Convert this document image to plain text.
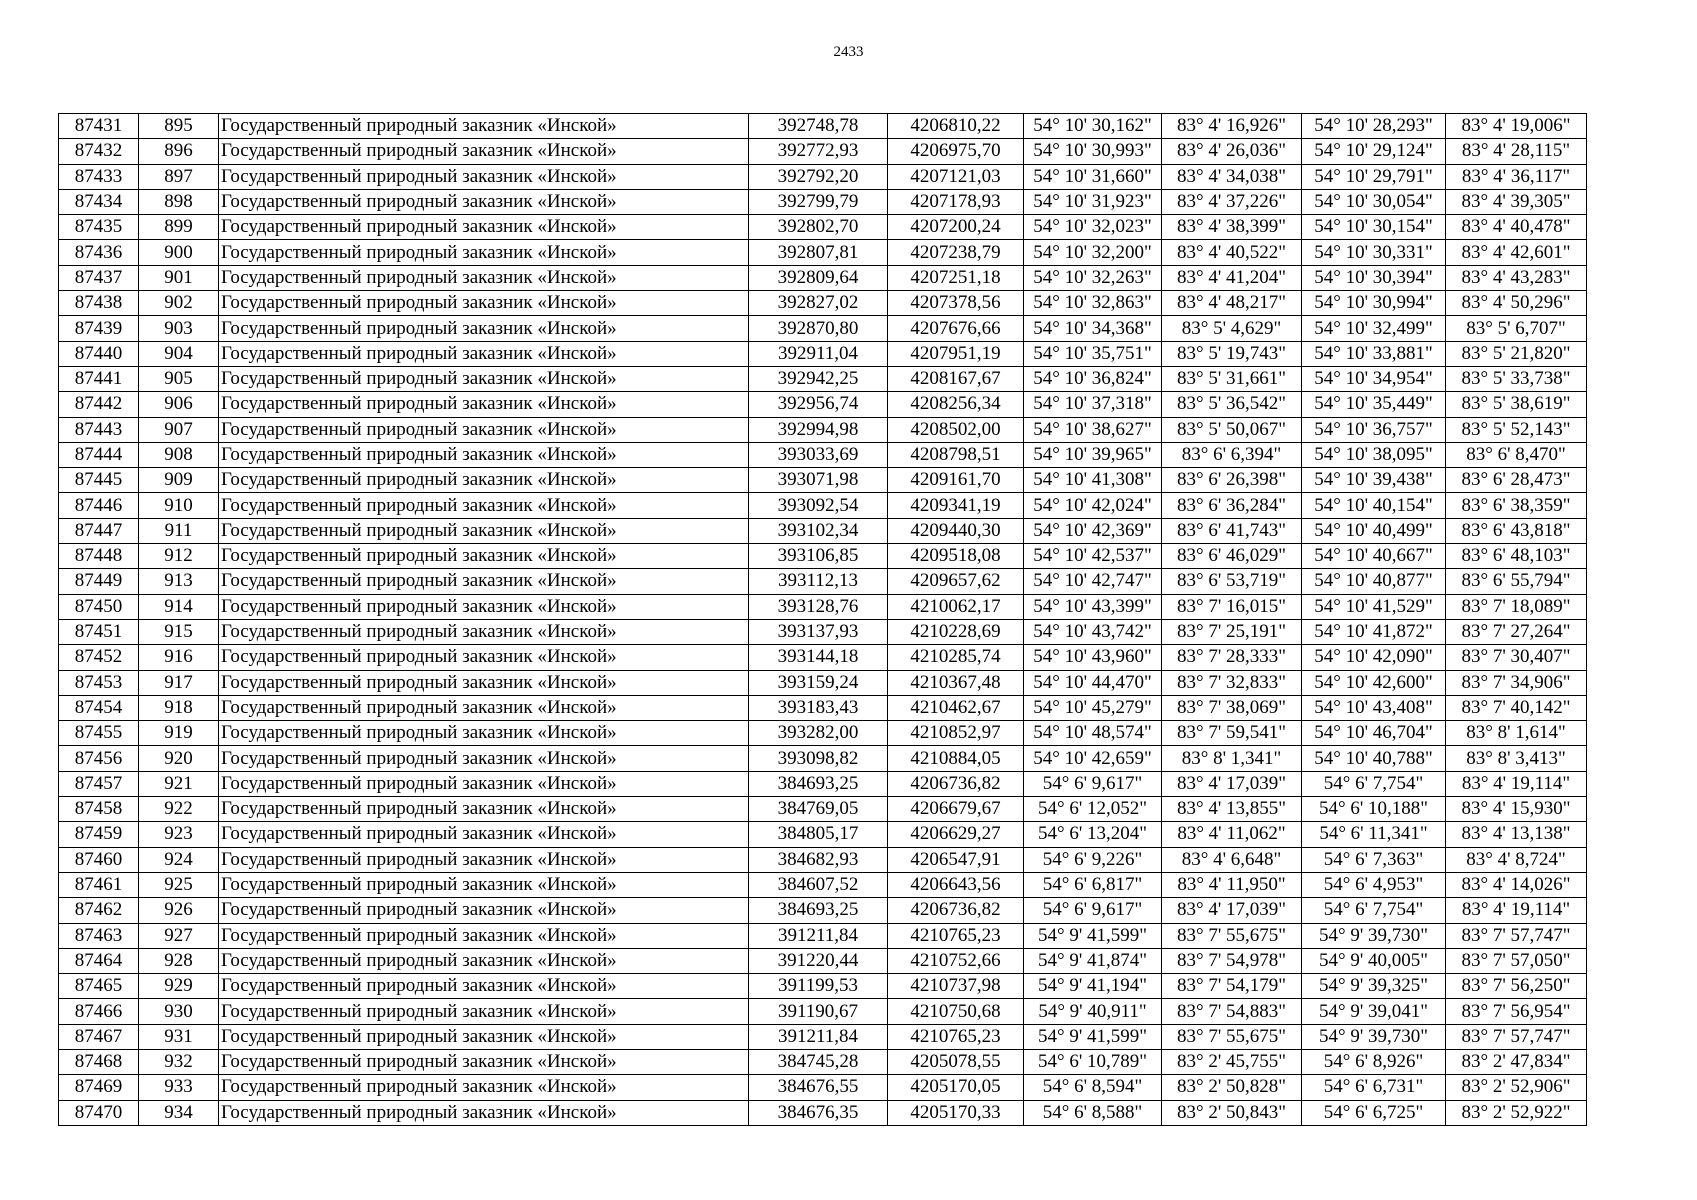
2433
87431	895	Государственный природный заказник «Инской»	392748,78	4206810,22	54° 10' 30,162"	83° 4' 16,926"	54° 10' 28,293"	83° 4' 19,006"
87432	896	Государственный природный заказник «Инской»	392772,93	4206975,70	54° 10' 30,993"	83° 4' 26,036"	54° 10' 29,124"	83° 4' 28,115"
87433	897	Государственный природный заказник «Инской»	392792,20	4207121,03	54° 10' 31,660"	83° 4' 34,038"	54° 10' 29,791"	83° 4' 36,117"
87434	898	Государственный природный заказник «Инской»	392799,79	4207178,93	54° 10' 31,923"	83° 4' 37,226"	54° 10' 30,054"	83° 4' 39,305"
87435	899	Государственный природный заказник «Инской»	392802,70	4207200,24	54° 10' 32,023"	83° 4' 38,399"	54° 10' 30,154"	83° 4' 40,478"
87436	900	Государственный природный заказник «Инской»	392807,81	4207238,79	54° 10' 32,200"	83° 4' 40,522"	54° 10' 30,331"	83° 4' 42,601"
87437	901	Государственный природный заказник «Инской»	392809,64	4207251,18	54° 10' 32,263"	83° 4' 41,204"	54° 10' 30,394"	83° 4' 43,283"
87438	902	Государственный природный заказник «Инской»	392827,02	4207378,56	54° 10' 32,863"	83° 4' 48,217"	54° 10' 30,994"	83° 4' 50,296"
87439	903	Государственный природный заказник «Инской»	392870,80	4207676,66	54° 10' 34,368"	83° 5' 4,629"	54° 10' 32,499"	83° 5' 6,707"
87440	904	Государственный природный заказник «Инской»	392911,04	4207951,19	54° 10' 35,751"	83° 5' 19,743"	54° 10' 33,881"	83° 5' 21,820"
87441	905	Государственный природный заказник «Инской»	392942,25	4208167,67	54° 10' 36,824"	83° 5' 31,661"	54° 10' 34,954"	83° 5' 33,738"
87442	906	Государственный природный заказник «Инской»	392956,74	4208256,34	54° 10' 37,318"	83° 5' 36,542"	54° 10' 35,449"	83° 5' 38,619"
87443	907	Государственный природный заказник «Инской»	392994,98	4208502,00	54° 10' 38,627"	83° 5' 50,067"	54° 10' 36,757"	83° 5' 52,143"
87444	908	Государственный природный заказник «Инской»	393033,69	4208798,51	54° 10' 39,965"	83° 6' 6,394"	54° 10' 38,095"	83° 6' 8,470"
87445	909	Государственный природный заказник «Инской»	393071,98	4209161,70	54° 10' 41,308"	83° 6' 26,398"	54° 10' 39,438"	83° 6' 28,473"
87446	910	Государственный природный заказник «Инской»	393092,54	4209341,19	54° 10' 42,024"	83° 6' 36,284"	54° 10' 40,154"	83° 6' 38,359"
87447	911	Государственный природный заказник «Инской»	393102,34	4209440,30	54° 10' 42,369"	83° 6' 41,743"	54° 10' 40,499"	83° 6' 43,818"
87448	912	Государственный природный заказник «Инской»	393106,85	4209518,08	54° 10' 42,537"	83° 6' 46,029"	54° 10' 40,667"	83° 6' 48,103"
87449	913	Государственный природный заказник «Инской»	393112,13	4209657,62	54° 10' 42,747"	83° 6' 53,719"	54° 10' 40,877"	83° 6' 55,794"
87450	914	Государственный природный заказник «Инской»	393128,76	4210062,17	54° 10' 43,399"	83° 7' 16,015"	54° 10' 41,529"	83° 7' 18,089"
87451	915	Государственный природный заказник «Инской»	393137,93	4210228,69	54° 10' 43,742"	83° 7' 25,191"	54° 10' 41,872"	83° 7' 27,264"
87452	916	Государственный природный заказник «Инской»	393144,18	4210285,74	54° 10' 43,960"	83° 7' 28,333"	54° 10' 42,090"	83° 7' 30,407"
87453	917	Государственный природный заказник «Инской»	393159,24	4210367,48	54° 10' 44,470"	83° 7' 32,833"	54° 10' 42,600"	83° 7' 34,906"
87454	918	Государственный природный заказник «Инской»	393183,43	4210462,67	54° 10' 45,279"	83° 7' 38,069"	54° 10' 43,408"	83° 7' 40,142"
87455	919	Государственный природный заказник «Инской»	393282,00	4210852,97	54° 10' 48,574"	83° 7' 59,541"	54° 10' 46,704"	83° 8' 1,614"
87456	920	Государственный природный заказник «Инской»	393098,82	4210884,05	54° 10' 42,659"	83° 8' 1,341"	54° 10' 40,788"	83° 8' 3,413"
87457	921	Государственный природный заказник «Инской»	384693,25	4206736,82	54° 6' 9,617"	83° 4' 17,039"	54° 6' 7,754"	83° 4' 19,114"
87458	922	Государственный природный заказник «Инской»	384769,05	4206679,67	54° 6' 12,052"	83° 4' 13,855"	54° 6' 10,188"	83° 4' 15,930"
87459	923	Государственный природный заказник «Инской»	384805,17	4206629,27	54° 6' 13,204"	83° 4' 11,062"	54° 6' 11,341"	83° 4' 13,138"
87460	924	Государственный природный заказник «Инской»	384682,93	4206547,91	54° 6' 9,226"	83° 4' 6,648"	54° 6' 7,363"	83° 4' 8,724"
87461	925	Государственный природный заказник «Инской»	384607,52	4206643,56	54° 6' 6,817"	83° 4' 11,950"	54° 6' 4,953"	83° 4' 14,026"
87462	926	Государственный природный заказник «Инской»	384693,25	4206736,82	54° 6' 9,617"	83° 4' 17,039"	54° 6' 7,754"	83° 4' 19,114"
87463	927	Государственный природный заказник «Инской»	391211,84	4210765,23	54° 9' 41,599"	83° 7' 55,675"	54° 9' 39,730"	83° 7' 57,747"
87464	928	Государственный природный заказник «Инской»	391220,44	4210752,66	54° 9' 41,874"	83° 7' 54,978"	54° 9' 40,005"	83° 7' 57,050"
87465	929	Государственный природный заказник «Инской»	391199,53	4210737,98	54° 9' 41,194"	83° 7' 54,179"	54° 9' 39,325"	83° 7' 56,250"
87466	930	Государственный природный заказник «Инской»	391190,67	4210750,68	54° 9' 40,911"	83° 7' 54,883"	54° 9' 39,041"	83° 7' 56,954"
87467	931	Государственный природный заказник «Инской»	391211,84	4210765,23	54° 9' 41,599"	83° 7' 55,675"	54° 9' 39,730"	83° 7' 57,747"
87468	932	Государственный природный заказник «Инской»	384745,28	4205078,55	54° 6' 10,789"	83° 2' 45,755"	54° 6' 8,926"	83° 2' 47,834"
87469	933	Государственный природный заказник «Инской»	384676,55	4205170,05	54° 6' 8,594"	83° 2' 50,828"	54° 6' 6,731"	83° 2' 52,906"
87470	934	Государственный природный заказник «Инской»	384676,35	4205170,33	54° 6' 8,588"	83° 2' 50,843"	54° 6' 6,725"	83° 2' 52,922"
